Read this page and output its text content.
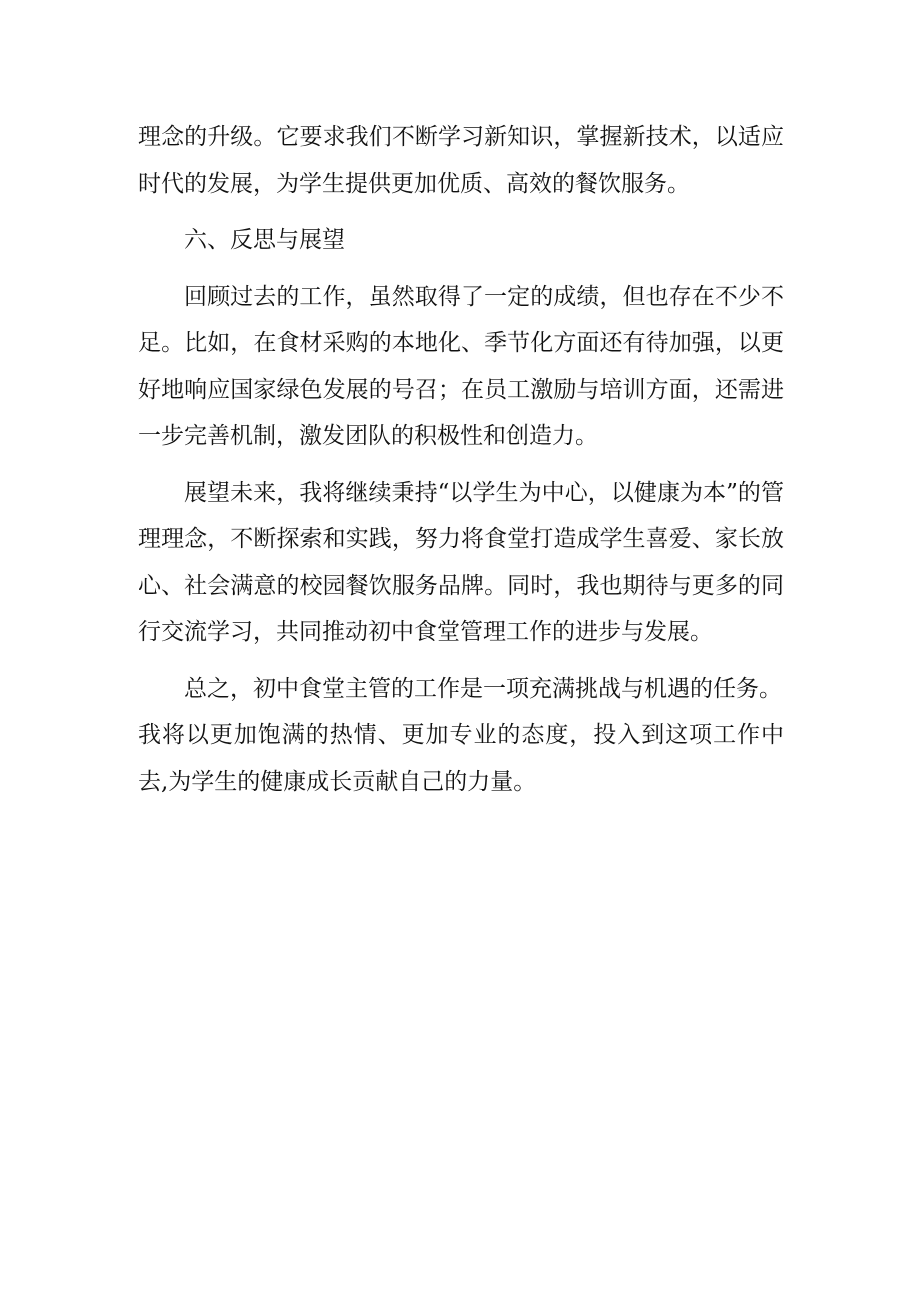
理念的升级。它要求我们不断学习新知识，掌握新技术，以适应时代的发展，为学生提供更加优质、高效的餐饮服务。

六、反思与展望

回顾过去的工作，虽然取得了一定的成绩，但也存在不少不足。比如，在食材采购的本地化、季节化方面还有待加强，以更好地响应国家绿色发展的号召；在员工激励与培训方面，还需进一步完善机制，激发团队的积极性和创造力。

展望未来，我将继续秉持“以学生为中心，以健康为本”的管理理念，不断探索和实践，努力将食堂打造成学生喜爱、家长放心、社会满意的校园餐饮服务品牌。同时，我也期待与更多的同行交流学习，共同推动初中食堂管理工作的进步与发展。

总之，初中食堂主管的工作是一项充满挑战与机遇的任务。

我将以更加饱满的热情、更加专业的态度，投入到这项工作中去,为学生的健康成长贡献自己的力量。
